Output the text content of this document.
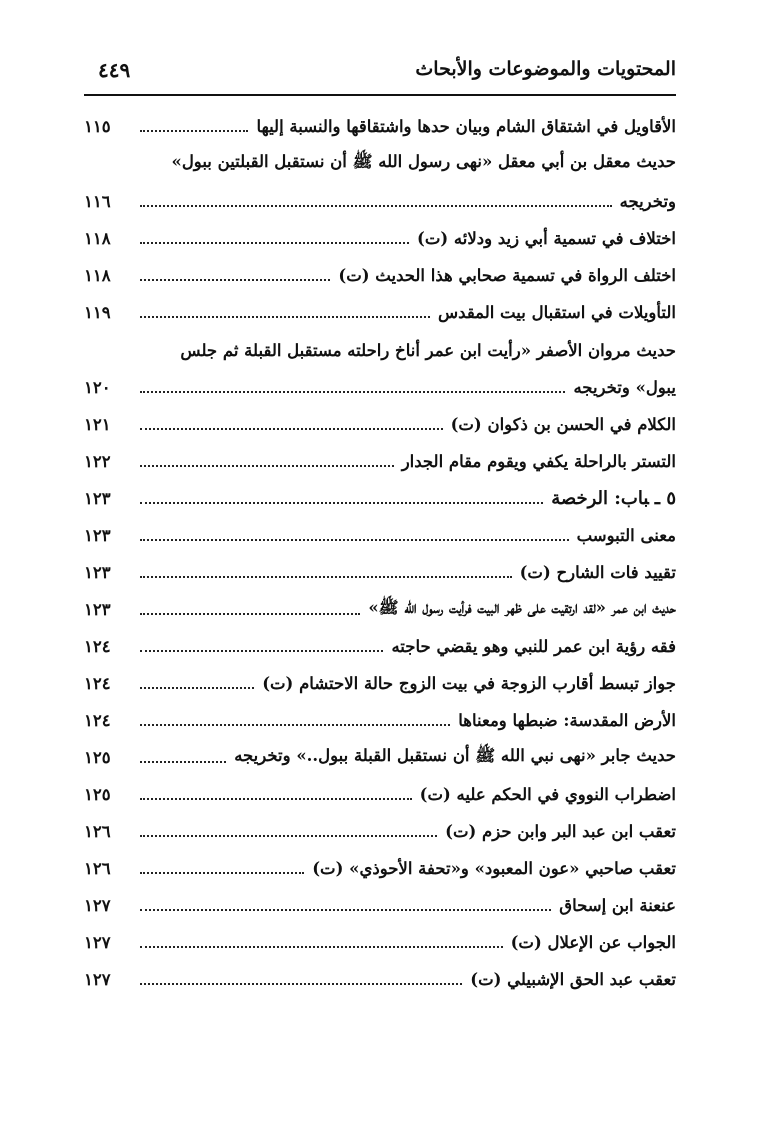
المحتويات والموضوعات والأبحاث
٤٤٩
الأقاويل في اشتقاق الشام وبيان حدها واشتقاقها والنسبة إليها
١١٥
حديث معقل بن أبي معقل «نهى رسول الله ﷺ أن نستقبل القبلتين ببول»
وتخريجه
١١٦
اختلاف في تسمية أبي زيد ودلائه (ت)
١١٨
اختلف الرواة في تسمية صحابي هذا الحديث (ت)
١١٨
التأويلات في استقبال بيت المقدس
١١٩
حديث مروان الأصفر «رأيت ابن عمر أناخ راحلته مستقبل القبلة ثم جلس
يبول» وتخريجه
١٢٠
الكلام في الحسن بن ذكوان (ت)
١٢١
التستر بالراحلة يكفي ويقوم مقام الجدار
١٢٢
٥ ـباب: الرخصة
١٢٣
معنى التبوسب
١٢٣
تقييد فات الشارح (ت)
١٢٣
حديث ابن عمر «لقد ارتقيت على ظهر البيت فرأيت رسول الله ﷺ»
١٢٣
فقه رؤية ابن عمر للنبي وهو يقضي حاجته
١٢٤
جواز تبسط أقارب الزوجة في بيت الزوج حالة الاحتشام (ت)
١٢٤
الأرض المقدسة: ضبطها ومعناها
١٢٤
حديث جابر «نهى نبي الله ﷺ أن نستقبل القبلة ببول..» وتخريجه
١٢٥
اضطراب النووي في الحكم عليه (ت)
١٢٥
تعقب ابن عبد البر وابن حزم (ت)
١٢٦
تعقب صاحبي «عون المعبود» و«تحفة الأحوذي» (ت)
١٢٦
عنعنة ابن إسحاق
١٢٧
الجواب عن الإعلال (ت)
١٢٧
تعقب عبد الحق الإشبيلي (ت)
١٢٧
